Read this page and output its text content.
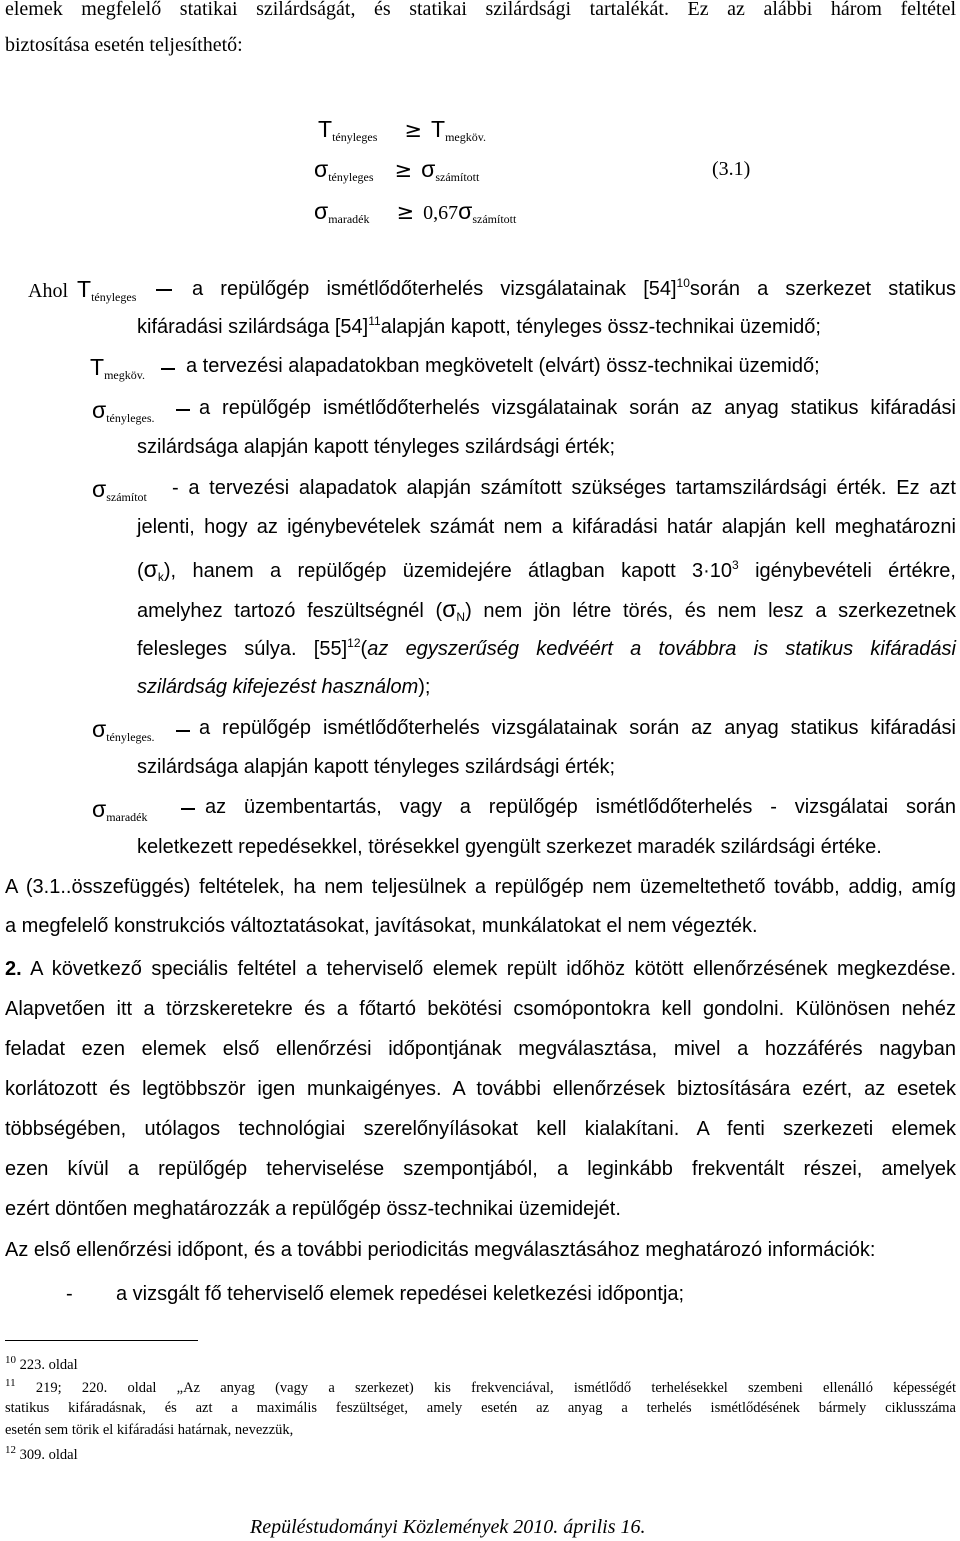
elemek megfelelő statikai szilárdságát, és statikai szilárdsági tartalékát. Ez az alábbi három feltétel
biztosítása esetén teljesíthető:
$T_{tényleges} \ge T_{megköv.}$
$\sigma_{tényleges} \ge \sigma_{számított}$	(3.1)
$\sigma_{maradék} \ge 0,67\sigma_{számított}$
Ahol $T_{tényleges}$	a repülőgép ismétlődőterhelés vizsgálatainak $[54]^{10}során$ a szerkezet statikus
kifáradási szilárdsága $[54]^{11}alapján$ kapott, tényleges össz-technikai üzemidő;
$T_{megköv.}$ a tervezési alapadatokban megkövetelt (elvárt) össz-technikai üzemidő;
$\sigma_{tényleges.}$ a repülőgép ismétlődőterhelés vizsgálatainak során az anyag statikus kifáradási
szilárdsága alapján kapott tényleges szilárdsági érték;
$\sigma_{számítot}$ - a tervezési alapadatok alapján számított szükséges tartamszilárdsági érték. Ez azt
jelenti, hogy az igénybevételek számát nem a kifáradási határ alapján kell meghatározni
$(\sigma_k)$, hanem a repülőgép üzemidejére átlagban kapott $3\cdot 10^3$ igénybevételi értékre,
amelyhez tartozó feszültségnél $(\sigma_N)$ nem jön létre törés, és nem lesz a szerkezetnek
felesleges súlya. $[55]^{12}(az$ egyszerűség kedvéért a továbbra is statikus kifáradási
szilárdság kifejezést használom);
$\sigma_{tényleges.}$ a repülőgép ismétlődőterhelés vizsgálatainak során az anyag statikus kifáradási
szilárdsága alapján kapott tényleges szilárdsági érték;
$\sigma_{maradék}$	az üzembentartás, vagy a repülőgép ismétlődőterhelés - vizsgálatai során
keletkezett repedésekkel, törésekkel gyengült szerkezet maradék szilárdsági értéke.
A (3.1..összefüggés) feltételek, ha nem teljesülnek a repülőgép nem üzemeltethető tovább, addig, amíg
a megfelelő konstrukciós változtatásokat, javításokat, munkálatokat el nem végezték.
2. A következő speciális feltétel a teherviselő elemek repült időhöz kötött ellenőrzésének megkezdése.
Alapvetően itt a törzskeretekre és a főtartó bekötési csomópontokra kell gondolni. Különösen nehéz
feladat ezen elemek első ellenőrzési időpontjának megválasztása, mivel a hozzáférés nagyban
korlátozott és legtöbbször igen munkaigényes. A további ellenőrzések biztosítására ezért, az esetek
többségében, utólagos technológiai szerelőnyílásokat kell kialakítani. A fenti szerkezeti elemek
ezen kívül a repülőgép teherviselése szempontjából, a leginkább frekventált részei, amelyek
ezért döntően meghatározzák a repülőgép össz-technikai üzemidejét.
Az első ellenőrzési időpont, és a további periodicitás megválasztásához meghatározó információk:
- a vizsgált fő teherviselő elemek repedései keletkezési időpontja;
$^{10}$ 223. oldal
$^{11}$ 219; 220. oldal „Az anyag (vagy a szerkezet) kis frekvenciával, ismétlődő terhelésekkel szembeni ellenálló képességét
statikus kifáradásnak, és azt a maximális feszültséget, amely esetén az anyag a terhelés ismétlődésének bármely ciklusszáma
esetén sem törik el kifáradási határnak, nevezzük,
$^{12}$ 309. oldal
Repüléstudományi Közlemények 2010. április 16.
